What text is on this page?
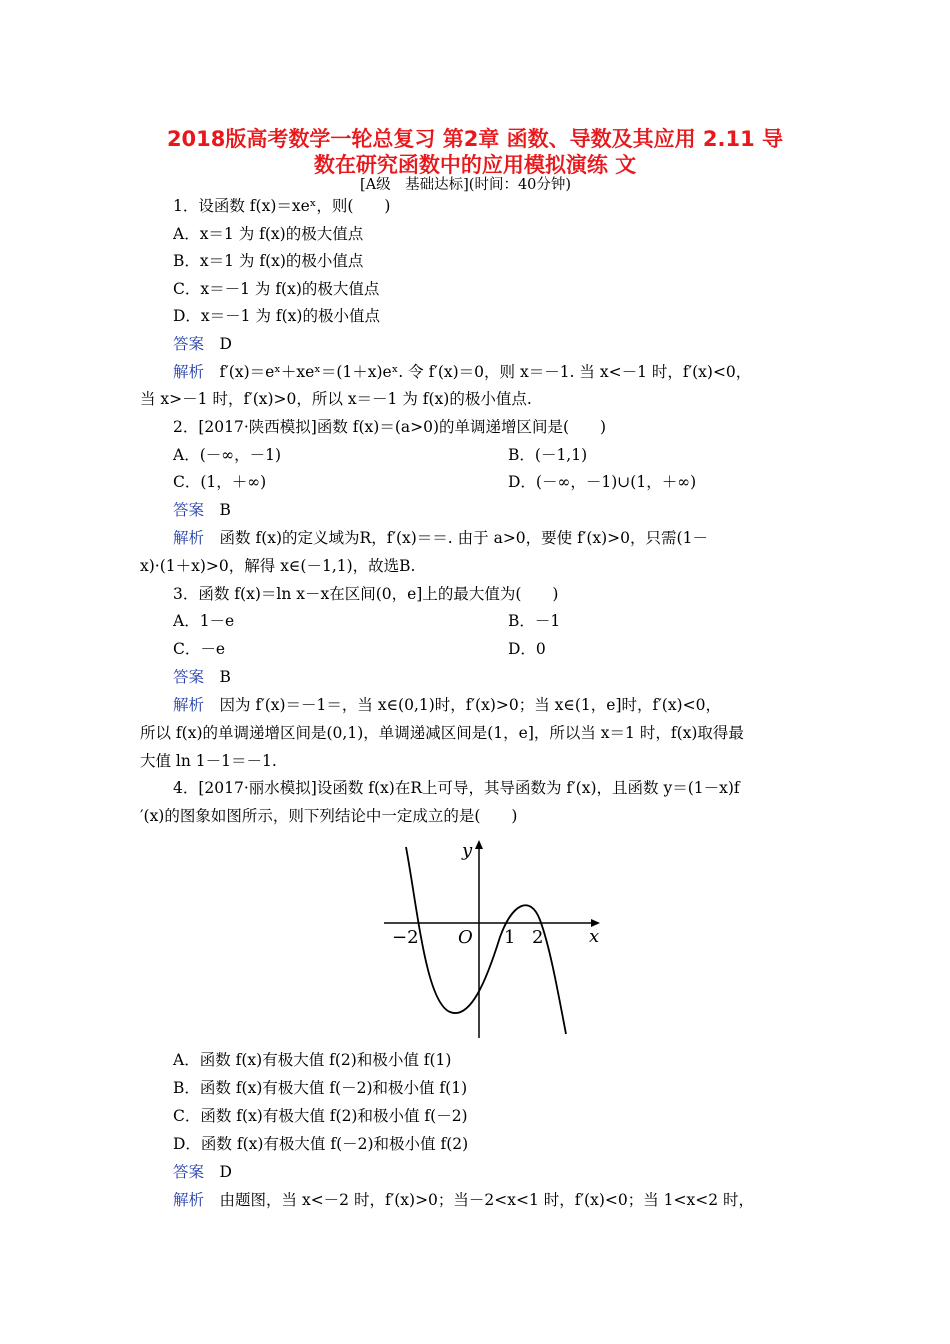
2018版高考数学一轮总复习 第2章 函数、导数及其应用 2.11 导
数在研究函数中的应用模拟演练 文
[A级　基础达标](时间：40分钟)
1．设函数 f(x)＝xeˣ，则(　　)
A．x＝1 为 f(x)的极大值点
B．x＝1 为 f(x)的极小值点
C．x＝－1 为 f(x)的极大值点
D．x＝－1 为 f(x)的极小值点
答案　 D
解析　 f′(x)＝eˣ＋xeˣ＝(1＋x)eˣ. 令 f′(x)＝0，则 x＝－1. 当 x<－1 时，f′(x)<0，
当 x>－1 时，f′(x)>0，所以 x＝－1 为 f(x)的极小值点.
2．[2017·陕西模拟]函数 f(x)＝(a>0)的单调递增区间是(　　)
A．(－∞，－1)	B．(－1,1)
C．(1，＋∞)	D．(－∞，－1)∪(1，＋∞)
答案　 B
解析　 函数 f(x)的定义域为R，f′(x)＝＝. 由于 a>0，要使 f′(x)>0，只需(1－
x)·(1＋x)>0，解得 x∈(－1,1)，故选B.
3．函数 f(x)＝ln x－x在区间(0，e]上的最大值为(　　)
A．1－e	B．－1
C．－e	D．0
答案　 B
解析　 因为 f′(x)＝－1＝，当 x∈(0,1)时，f′(x)>0；当 x∈(1，e]时，f′(x)<0，
所以 f(x)的单调递增区间是(0,1)，单调递减区间是(1，e]，所以当 x＝1 时，f(x)取得最
大值 ln 1－1＝－1.
4．[2017·丽水模拟]设函数 f(x)在R上可导，其导函数为 f′(x)，且函数 y＝(1－x)f
′(x)的图象如图所示，则下列结论中一定成立的是(　　)
y
x
O
−2	1 2
A．函数 f(x)有极大值 f(2)和极小值 f(1)
B．函数 f(x)有极大值 f(－2)和极小值 f(1)
C．函数 f(x)有极大值 f(2)和极小值 f(－2)
D．函数 f(x)有极大值 f(－2)和极小值 f(2)
答案　 D
解析　 由题图，当 x<－2 时，f′(x)>0；当－2<x<1 时，f′(x)<0；当 1<x<2 时，
